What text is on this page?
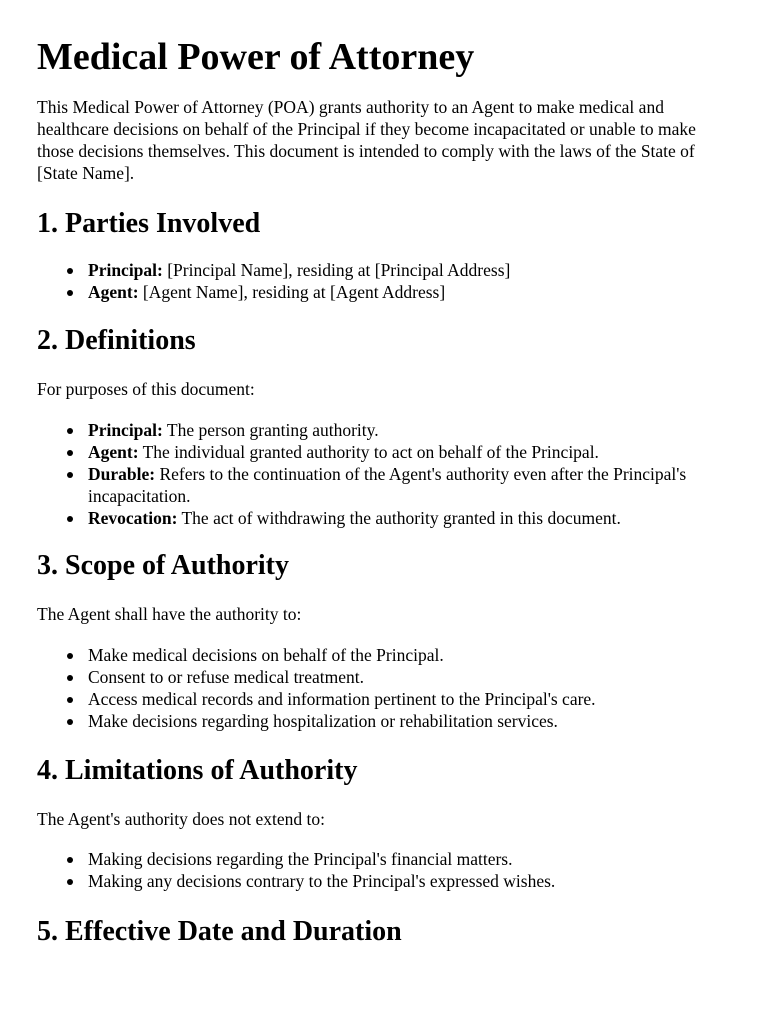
Medical Power of Attorney

This Medical Power of Attorney (POA) grants authority to an Agent to make medical and healthcare decisions on behalf of the Principal if they become incapacitated or unable to make those decisions themselves. This document is intended to comply with the laws of the State of [State Name].

1. Parties Involved
Principal: [Principal Name], residing at [Principal Address]
Agent: [Agent Name], residing at [Agent Address]
2. Definitions

For purposes of this document:

Principal: The person granting authority.
Agent: The individual granted authority to act on behalf of the Principal.
Durable: Refers to the continuation of the Agent's authority even after the Principal's incapacitation.
Revocation: The act of withdrawing the authority granted in this document.
3. Scope of Authority

The Agent shall have the authority to:

Make medical decisions on behalf of the Principal.
Consent to or refuse medical treatment.
Access medical records and information pertinent to the Principal's care.
Make decisions regarding hospitalization or rehabilitation services.
4. Limitations of Authority

The Agent's authority does not extend to:

Making decisions regarding the Principal's financial matters.
Making any decisions contrary to the Principal's expressed wishes.
5. Effective Date and Duration
